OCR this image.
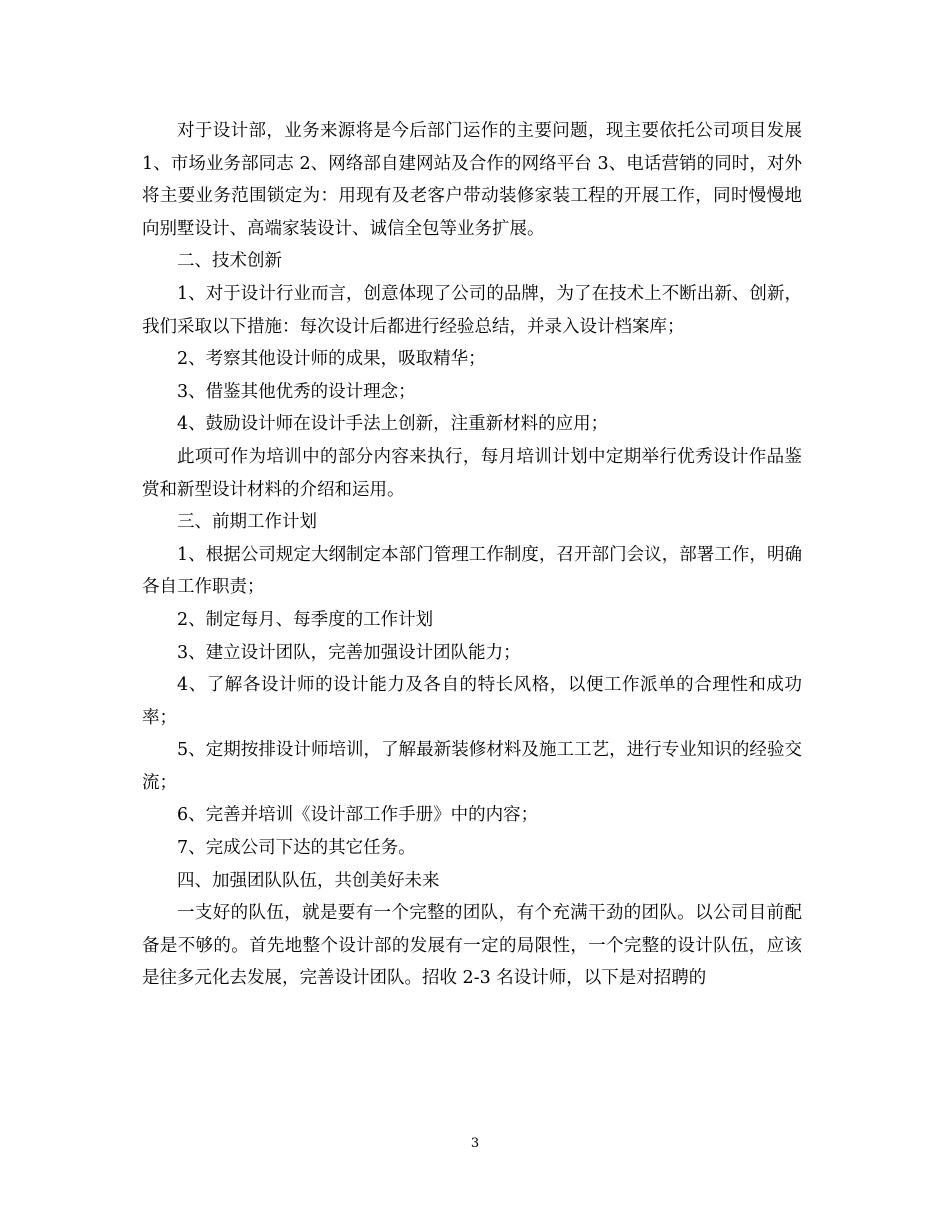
对于设计部，业务来源将是今后部门运作的主要问题，现主要依托公司项目发展 1、市场业务部同志 2、网络部自建网站及合作的网络平台 3、电话营销的同时，对外将主要业务范围锁定为：用现有及老客户带动装修家装工程的开展工作，同时慢慢地向别墅设计、高端家装设计、诚信全包等业务扩展。

二、技术创新

1、对于设计行业而言，创意体现了公司的品牌，为了在技术上不断出新、创新，我们采取以下措施：每次设计后都进行经验总结，并录入设计档案库；

2、考察其他设计师的成果，吸取精华；

3、借鉴其他优秀的设计理念；

4、鼓励设计师在设计手法上创新，注重新材料的应用；

此项可作为培训中的部分内容来执行，每月培训计划中定期举行优秀设计作品鉴赏和新型设计材料的介绍和运用。

三、前期工作计划

1、根据公司规定大纲制定本部门管理工作制度，召开部门会议，部署工作，明确各自工作职责；

2、制定每月、每季度的工作计划

3、建立设计团队，完善加强设计团队能力；

4、了解各设计师的设计能力及各自的特长风格，以便工作派单的合理性和成功率；

5、定期按排设计师培训，了解最新装修材料及施工工艺，进行专业知识的经验交流；

6、完善并培训《设计部工作手册》中的内容；

7、完成公司下达的其它任务。

四、加强团队队伍，共创美好未来

一支好的队伍，就是要有一个完整的团队，有个充满干劲的团队。以公司目前配备是不够的。首先地整个设计部的发展有一定的局限性，一个完整的设计队伍，应该是往多元化去发展，完善设计团队。招收 2-3 名设计师，以下是对招聘的

3
